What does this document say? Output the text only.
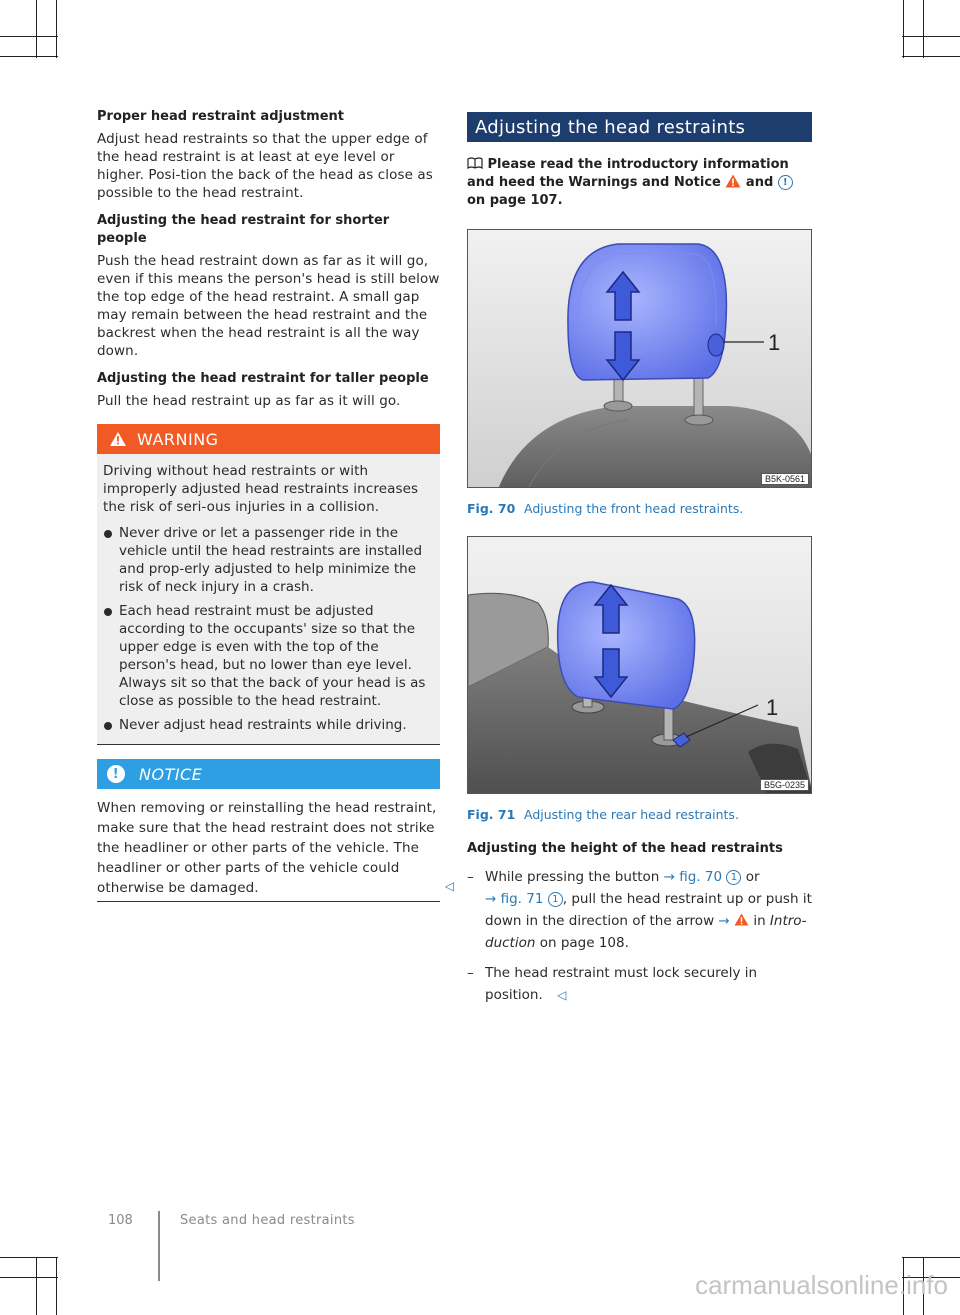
Proper head restraint adjustment
Adjust head restraints so that the upper edge of the head restraint is at least at eye level or higher. Posi-tion the back of the head as close as possible to the head restraint.
Adjusting the head restraint for shorter people
Push the head restraint down as far as it will go, even if this means the person's head is still below the top edge of the head restraint. A small gap may remain between the head restraint and the backrest when the head restraint is all the way down.
Adjusting the head restraint for taller people
Pull the head restraint up as far as it will go.
WARNING
Driving without head restraints or with improperly adjusted head restraints increases the risk of seri-ous injuries in a collision.
Never drive or let a passenger ride in the vehicle until the head restraints are installed and prop-erly adjusted to help minimize the risk of neck injury in a crash.
Each head restraint must be adjusted according to the occupants' size so that the upper edge is even with the top of the person's head, but no lower than eye level. Always sit so that the back of your head is as close as possible to the head restraint.
Never adjust head restraints while driving.
!	NOTICE
When removing or reinstalling the head restraint, make sure that the head restraint does not strike the headliner or other parts of the vehicle. The headliner or other parts of the vehicle could otherwise be damaged.	◁
Adjusting the head restraints
Please read the introductory information and heed the Warnings and Notice and ! on page 107.
1
B5K-0561
Fig. 70 Adjusting the front head restraints.
1
B5G-0235
Fig. 71 Adjusting the rear head restraints.
Adjusting the height of the head restraints
– While pressing the button → fig. 70 1 or
→ fig. 71 1 , pull the head restraint up or push it down in the direction of the arrow → in Intro-duction on page 108.
– The head restraint must lock securely in position. ◁
108	Seats and head restraints
carmanualsonline.info
